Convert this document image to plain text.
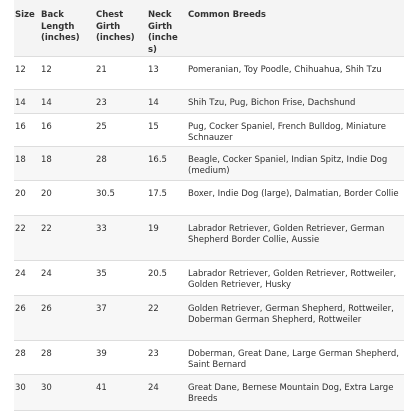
Size	Back Length (inches)	Chest Girth (inches)	Neck Girth (inches)	Common Breeds
12	12	21	13	Pomeranian, Toy Poodle, Chihuahua, Shih Tzu
14	14	23	14	Shih Tzu, Pug, Bichon Frise, Dachshund
16	16	25	15	Pug, Cocker Spaniel, French Bulldog, Miniature Schnauzer
18	18	28	16.5	Beagle, Cocker Spaniel, Indian Spitz, Indie Dog (medium)
20	20	30.5	17.5	Boxer, Indie Dog (large), Dalmatian, Border Collie
22	22	33	19	Labrador Retriever, Golden Retriever, German Shepherd Border Collie, Aussie
24	24	35	20.5	Labrador Retriever, Golden Retriever, Rottweiler, Golden Retriever, Husky
26	26	37	22	Golden Retriever, German Shepherd, Rottweiler, Doberman German Shepherd, Rottweiler
28	28	39	23	Doberman, Great Dane, Large German Shepherd, Saint Bernard
30	30	41	24	Great Dane, Bernese Mountain Dog, Extra Large Breeds
